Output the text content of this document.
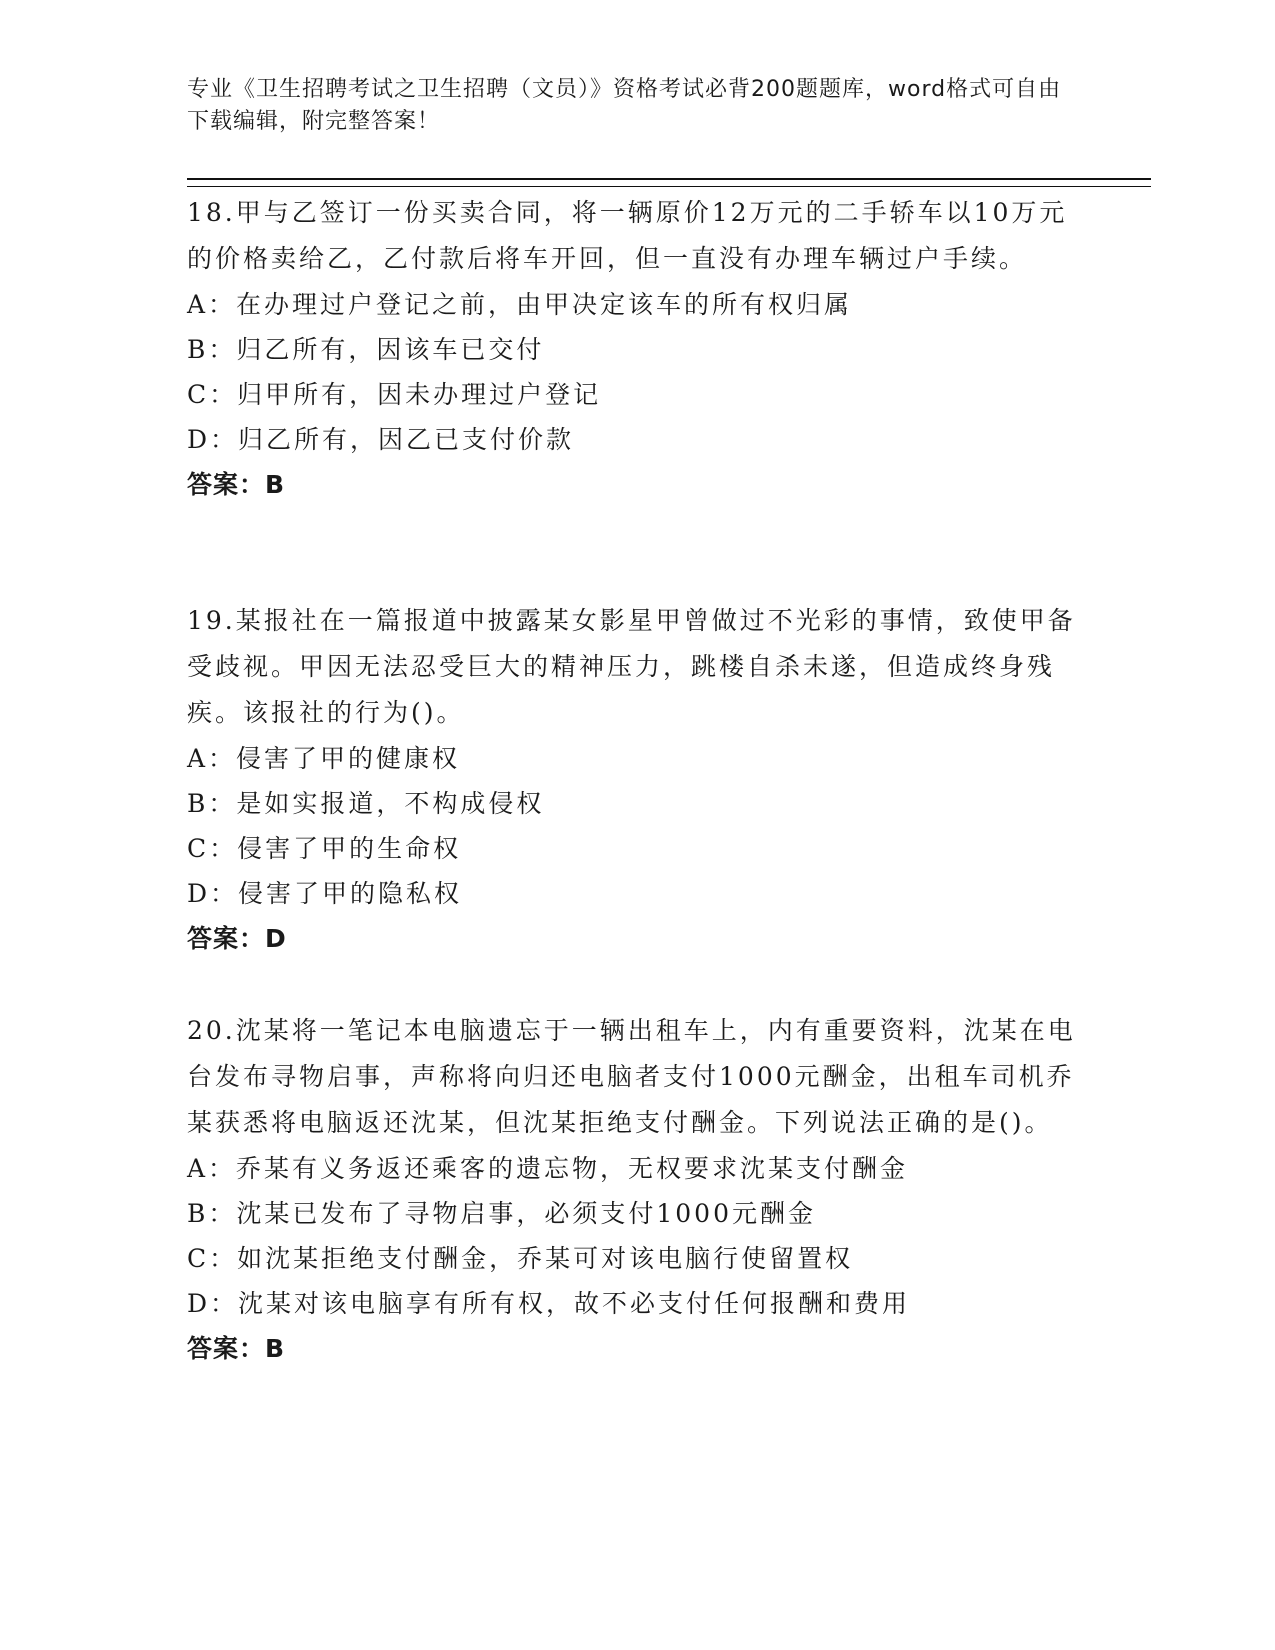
专业《卫生招聘考试之卫生招聘（文员）》资格考试必背200题题库，word格式可自由下载编辑，附完整答案！
18.甲与乙签订一份买卖合同，将一辆原价12万元的二手轿车以10万元的价格卖给乙，乙付款后将车开回，但一直没有办理车辆过户手续。
A：在办理过户登记之前，由甲决定该车的所有权归属
B：归乙所有，因该车已交付
C：归甲所有，因未办理过户登记
D：归乙所有，因乙已支付价款
答案：B
19.某报社在一篇报道中披露某女影星甲曾做过不光彩的事情，致使甲备受歧视。甲因无法忍受巨大的精神压力，跳楼自杀未遂，但造成终身残疾。该报社的行为()。
A：侵害了甲的健康权
B：是如实报道，不构成侵权
C：侵害了甲的生命权
D：侵害了甲的隐私权
答案：D
20.沈某将一笔记本电脑遗忘于一辆出租车上，内有重要资料，沈某在电台发布寻物启事，声称将向归还电脑者支付1000元酬金，出租车司机乔某获悉将电脑返还沈某，但沈某拒绝支付酬金。下列说法正确的是()。
A：乔某有义务返还乘客的遗忘物，无权要求沈某支付酬金
B：沈某已发布了寻物启事，必须支付1000元酬金
C：如沈某拒绝支付酬金，乔某可对该电脑行使留置权
D：沈某对该电脑享有所有权，故不必支付任何报酬和费用
答案：B
